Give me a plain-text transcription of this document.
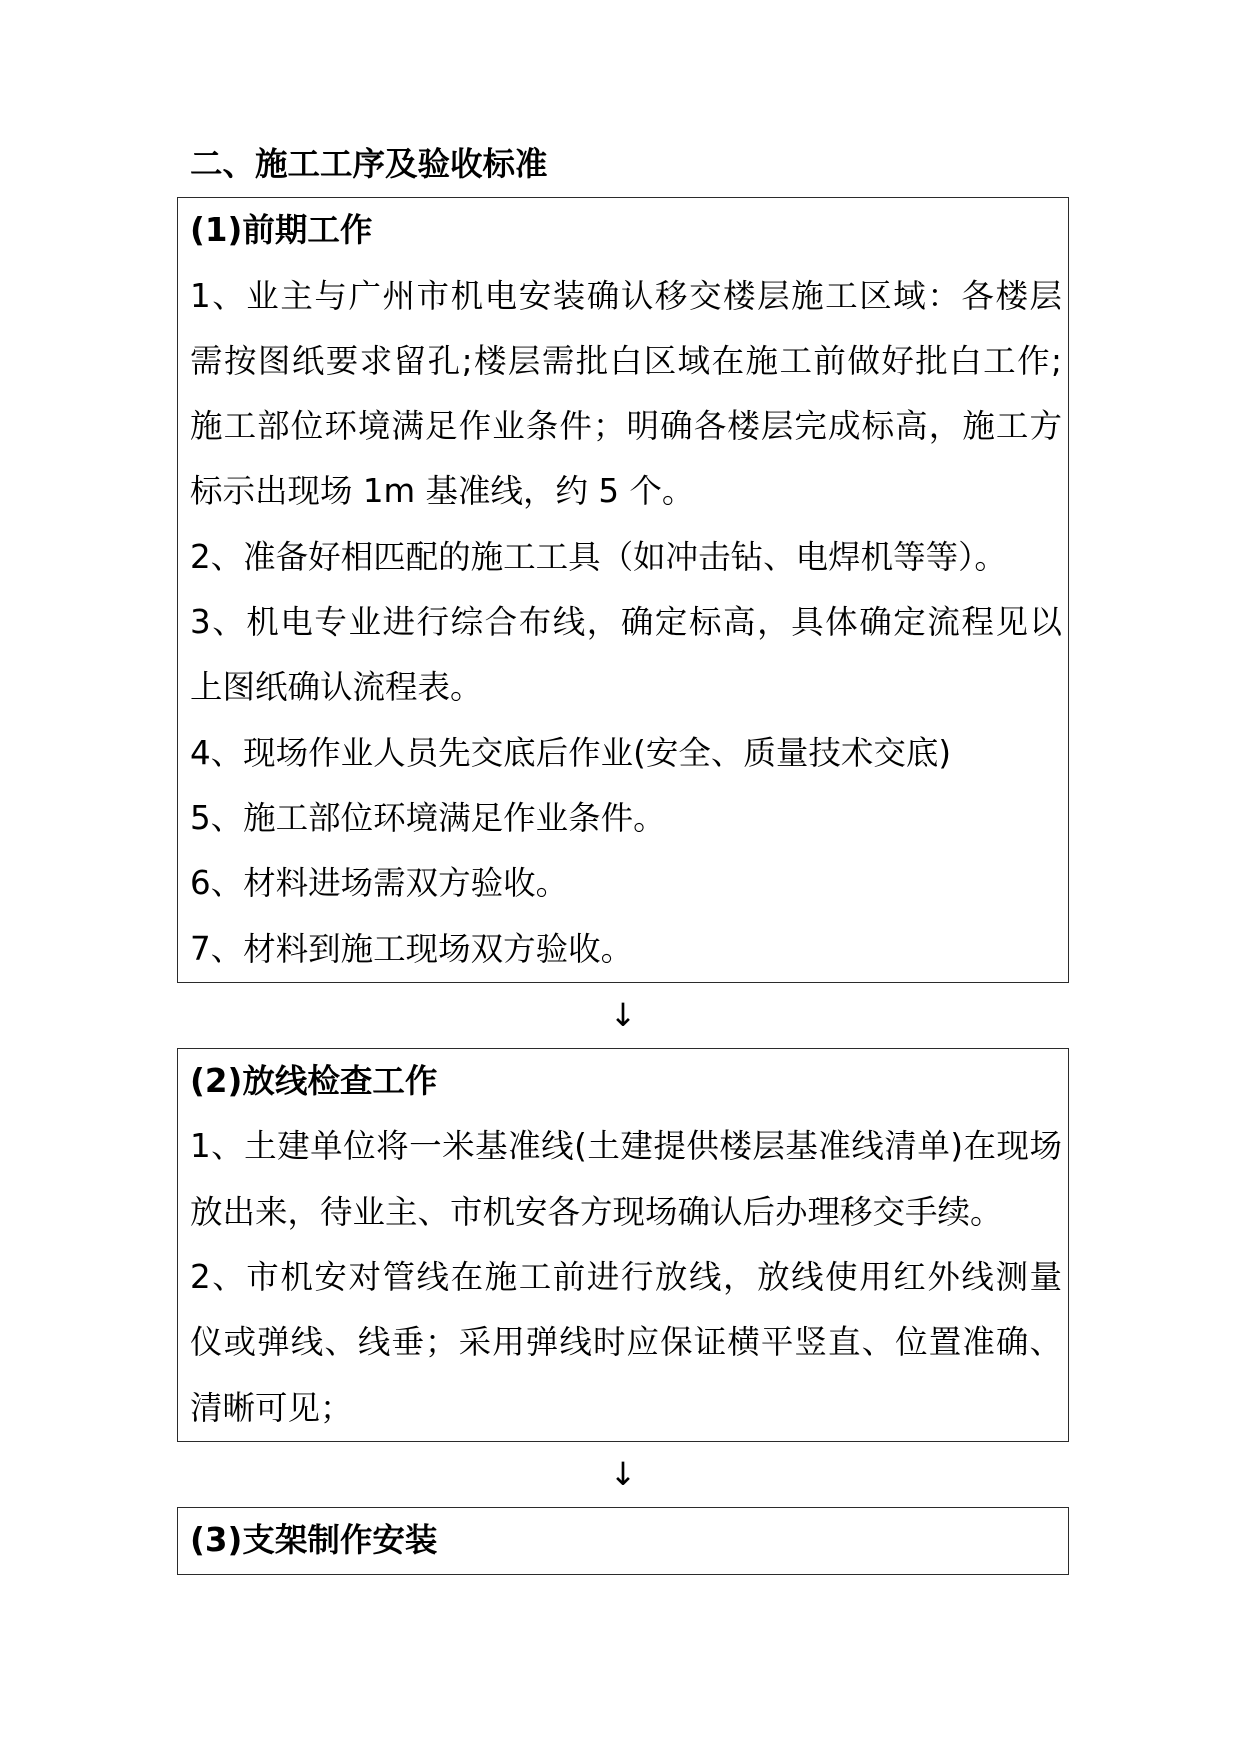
二、施工工序及验收标准
(1)前期工作
1、业主与广州市机电安装确认移交楼层施工区域：各楼层
需按图纸要求留孔;楼层需批白区域在施工前做好批白工作;
施工部位环境满足作业条件；明确各楼层完成标高，施工方
标示出现场 1m 基准线，约 5 个。
2、准备好相匹配的施工工具（如冲击钻、电焊机等等）。
3、机电专业进行综合布线，确定标高，具体确定流程见以
上图纸确认流程表。
4、现场作业人员先交底后作业(安全、质量技术交底)
5、施工部位环境满足作业条件。
6、材料进场需双方验收。
7、材料到施工现场双方验收。
↓
(2)放线检查工作
1、土建单位将一米基准线(土建提供楼层基准线清单)在现场
放出来，待业主、市机安各方现场确认后办理移交手续。
2、市机安对管线在施工前进行放线，放线使用红外线测量
仪或弹线、线垂；采用弹线时应保证横平竖直、位置准确、
清晰可见；
↓
(3)支架制作安装
